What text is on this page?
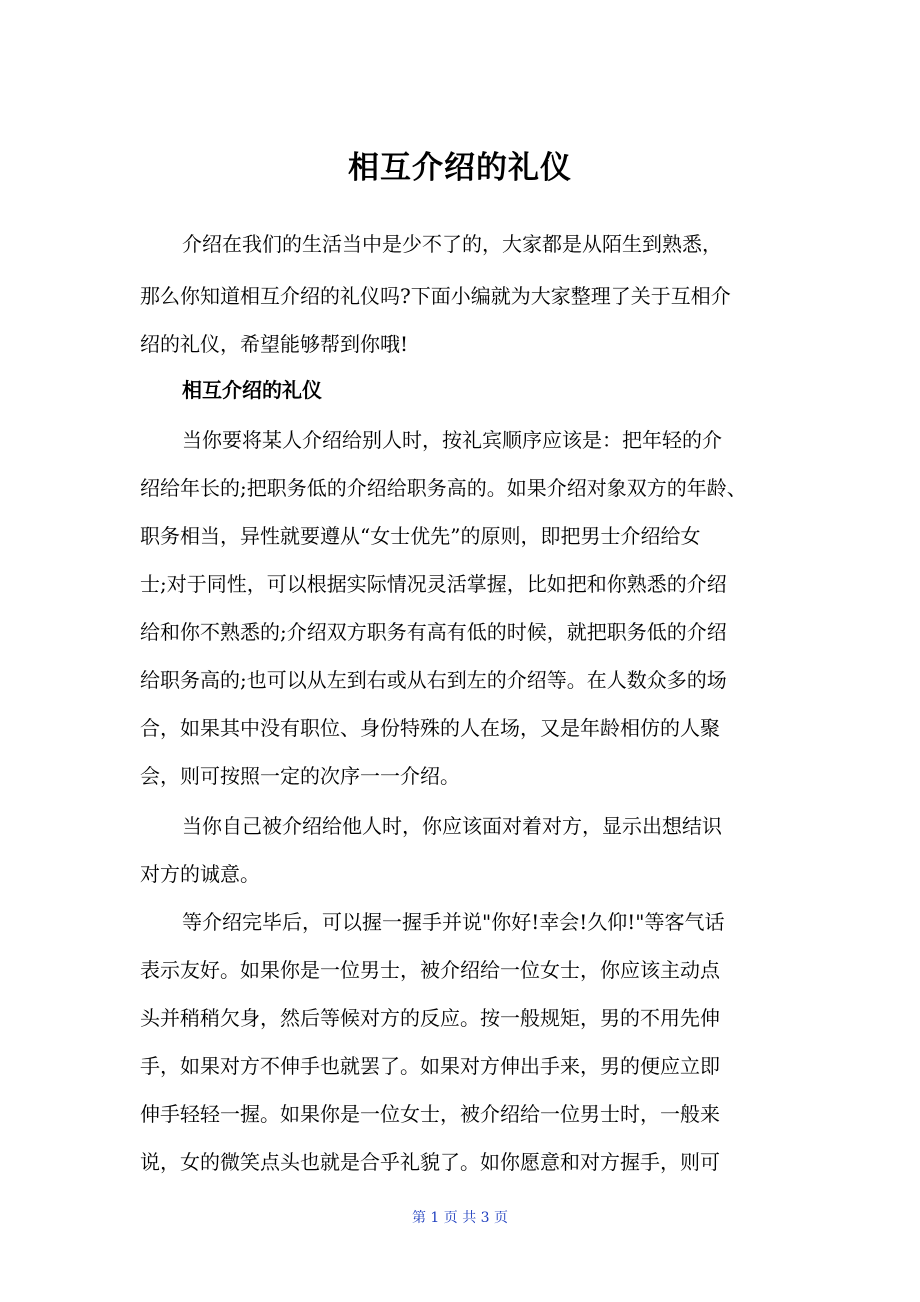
相互介绍的礼仪
介绍在我们的生活当中是少不了的，大家都是从陌生到熟悉，
那么你知道相互介绍的礼仪吗?下面小编就为大家整理了关于互相介
绍的礼仪，希望能够帮到你哦!
相互介绍的礼仪
当你要将某人介绍给别人时，按礼宾顺序应该是：把年轻的介
绍给年长的;把职务低的介绍给职务高的。如果介绍对象双方的年龄、
职务相当，异性就要遵从“女士优先”的原则，即把男士介绍给女
士;对于同性，可以根据实际情况灵活掌握，比如把和你熟悉的介绍
给和你不熟悉的;介绍双方职务有高有低的时候，就把职务低的介绍
给职务高的;也可以从左到右或从右到左的介绍等。在人数众多的场
合，如果其中没有职位、身份特殊的人在场，又是年龄相仿的人聚
会，则可按照一定的次序一一介绍。
当你自己被介绍给他人时，你应该面对着对方，显示出想结识
对方的诚意。
等介绍完毕后，可以握一握手并说"你好!幸会!久仰!"等客气话
表示友好。如果你是一位男士，被介绍给一位女士，你应该主动点
头并稍稍欠身，然后等候对方的反应。按一般规矩，男的不用先伸
手，如果对方不伸手也就罢了。如果对方伸出手来，男的便应立即
伸手轻轻一握。如果你是一位女士，被介绍给一位男士时，一般来
说，女的微笑点头也就是合乎礼貌了。如你愿意和对方握手，则可
第 1 页 共 3 页
